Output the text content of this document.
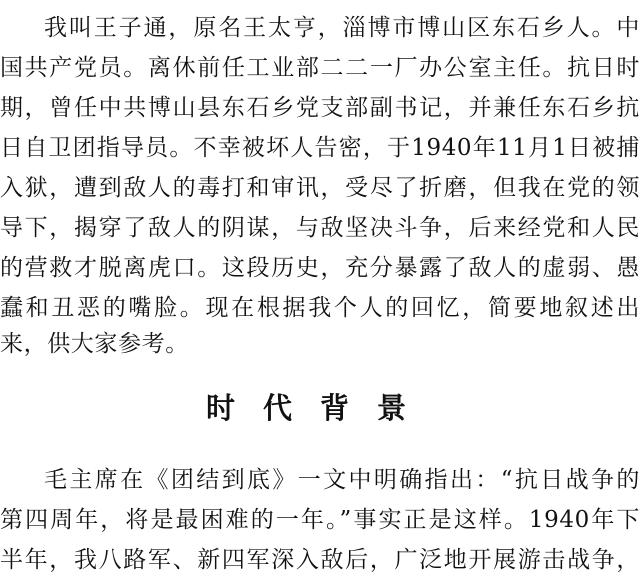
我叫王子通，原名王太亨，淄博市博山区东石乡人。中
国共产党员。离休前任工业部二二一厂办公室主任。抗日时
期，曾任中共博山县东石乡党支部副书记，并兼任东石乡抗
日自卫团指导员。不幸被坏人告密，于1940年11月1日被捕
入狱，遭到敌人的毒打和审讯，受尽了折磨，但我在党的领
导下，揭穿了敌人的阴谋，与敌坚决斗争，后来经党和人民
的营救才脱离虎口。这段历史，充分暴露了敌人的虚弱、愚
蠢和丑恶的嘴脸。现在根据我个人的回忆，简要地叙述出
来，供大家参考。
时代背景
毛主席在《团结到底》一文中明确指出：“抗日战争的
第四周年，将是最困难的一年。”事实正是这样。1940年下
半年，我八路军、新四军深入敌后，广泛地开展游击战争，
